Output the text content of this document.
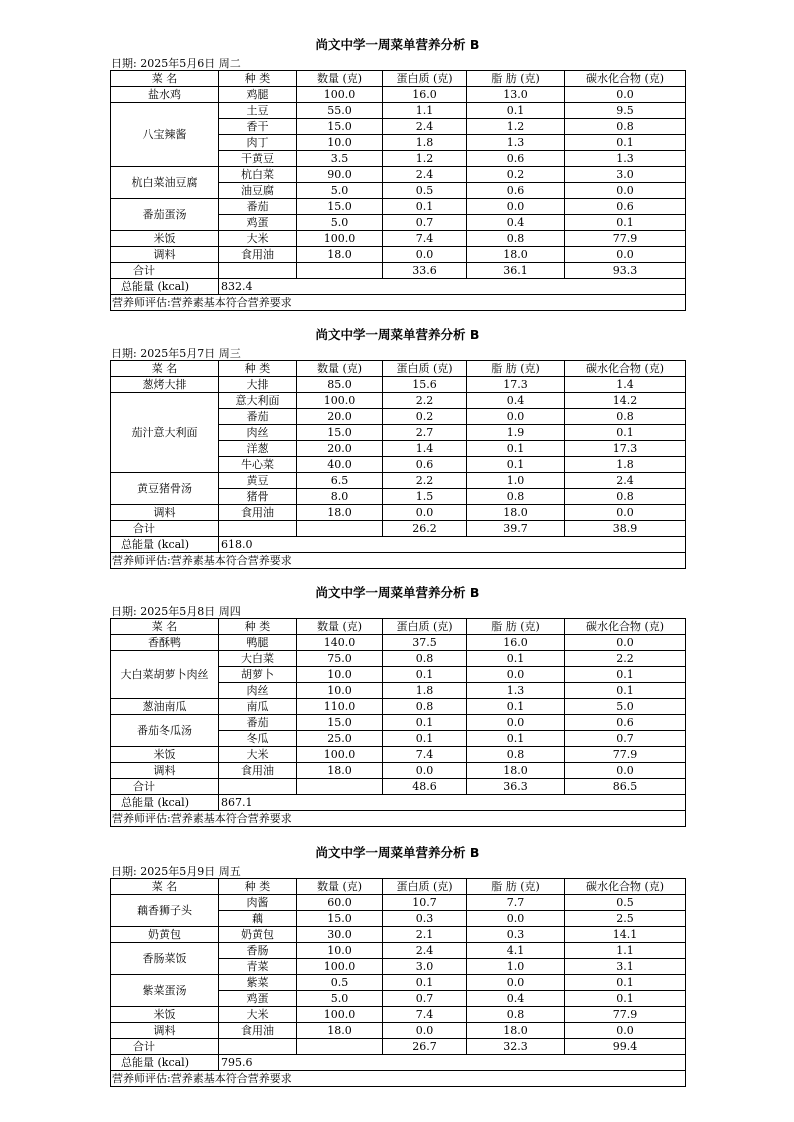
尚文中学一周菜单营养分析 B
日期: 2025年5月6日 周二
菜 名	种 类	数量 (克)	蛋白质 (克)	脂 肪 (克)	碳水化合物 (克)
盐水鸡	鸡腿	100.0	16.0	13.0	0.0
八宝辣酱	土豆	55.0	1.1	0.1	9.5
	香干	15.0	2.4	1.2	0.8
	肉丁	10.0	1.8	1.3	0.1
	干黄豆	3.5	1.2	0.6	1.3
杭白菜油豆腐	杭白菜	90.0	2.4	0.2	3.0
	油豆腐	5.0	0.5	0.6	0.0
番茄蛋汤	番茄	15.0	0.1	0.0	0.6
	鸡蛋	5.0	0.7	0.4	0.1
米饭	大米	100.0	7.4	0.8	77.9
调料	食用油	18.0	0.0	18.0	0.0
合计			33.6	36.1	93.3
总能量 (kcal)	832.4				
营养师评估:营养素基本符合营养要求					
尚文中学一周菜单营养分析 B
日期: 2025年5月7日 周三
菜 名	种 类	数量 (克)	蛋白质 (克)	脂 肪 (克)	碳水化合物 (克)
葱烤大排	大排	85.0	15.6	17.3	1.4
茄汁意大利面	意大利面	100.0	2.2	0.4	14.2
	番茄	20.0	0.2	0.0	0.8
	肉丝	15.0	2.7	1.9	0.1
	洋葱	20.0	1.4	0.1	17.3
	牛心菜	40.0	0.6	0.1	1.8
黄豆猪骨汤	黄豆	6.5	2.2	1.0	2.4
	猪骨	8.0	1.5	0.8	0.8
调料	食用油	18.0	0.0	18.0	0.0
合计			26.2	39.7	38.9
总能量 (kcal)	618.0				
营养师评估:营养素基本符合营养要求					
尚文中学一周菜单营养分析 B
日期: 2025年5月8日 周四
菜 名	种 类	数量 (克)	蛋白质 (克)	脂 肪 (克)	碳水化合物 (克)
香酥鸭	鸭腿	140.0	37.5	16.0	0.0
大白菜胡萝卜肉丝	大白菜	75.0	0.8	0.1	2.2
	胡萝卜	10.0	0.1	0.0	0.1
	肉丝	10.0	1.8	1.3	0.1
葱油南瓜	南瓜	110.0	0.8	0.1	5.0
番茄冬瓜汤	番茄	15.0	0.1	0.0	0.6
	冬瓜	25.0	0.1	0.1	0.7
米饭	大米	100.0	7.4	0.8	77.9
调料	食用油	18.0	0.0	18.0	0.0
合计			48.6	36.3	86.5
总能量 (kcal)	867.1				
营养师评估:营养素基本符合营养要求					
尚文中学一周菜单营养分析 B
日期: 2025年5月9日 周五
菜 名	种 类	数量 (克)	蛋白质 (克)	脂 肪 (克)	碳水化合物 (克)
藕香狮子头	肉酱	60.0	10.7	7.7	0.5
	藕	15.0	0.3	0.0	2.5
奶黄包	奶黄包	30.0	2.1	0.3	14.1
香肠菜饭	香肠	10.0	2.4	4.1	1.1
	青菜	100.0	3.0	1.0	3.1
紫菜蛋汤	紫菜	0.5	0.1	0.0	0.1
	鸡蛋	5.0	0.7	0.4	0.1
米饭	大米	100.0	7.4	0.8	77.9
调料	食用油	18.0	0.0	18.0	0.0
合计			26.7	32.3	99.4
总能量 (kcal)	795.6				
营养师评估:营养素基本符合营养要求					
